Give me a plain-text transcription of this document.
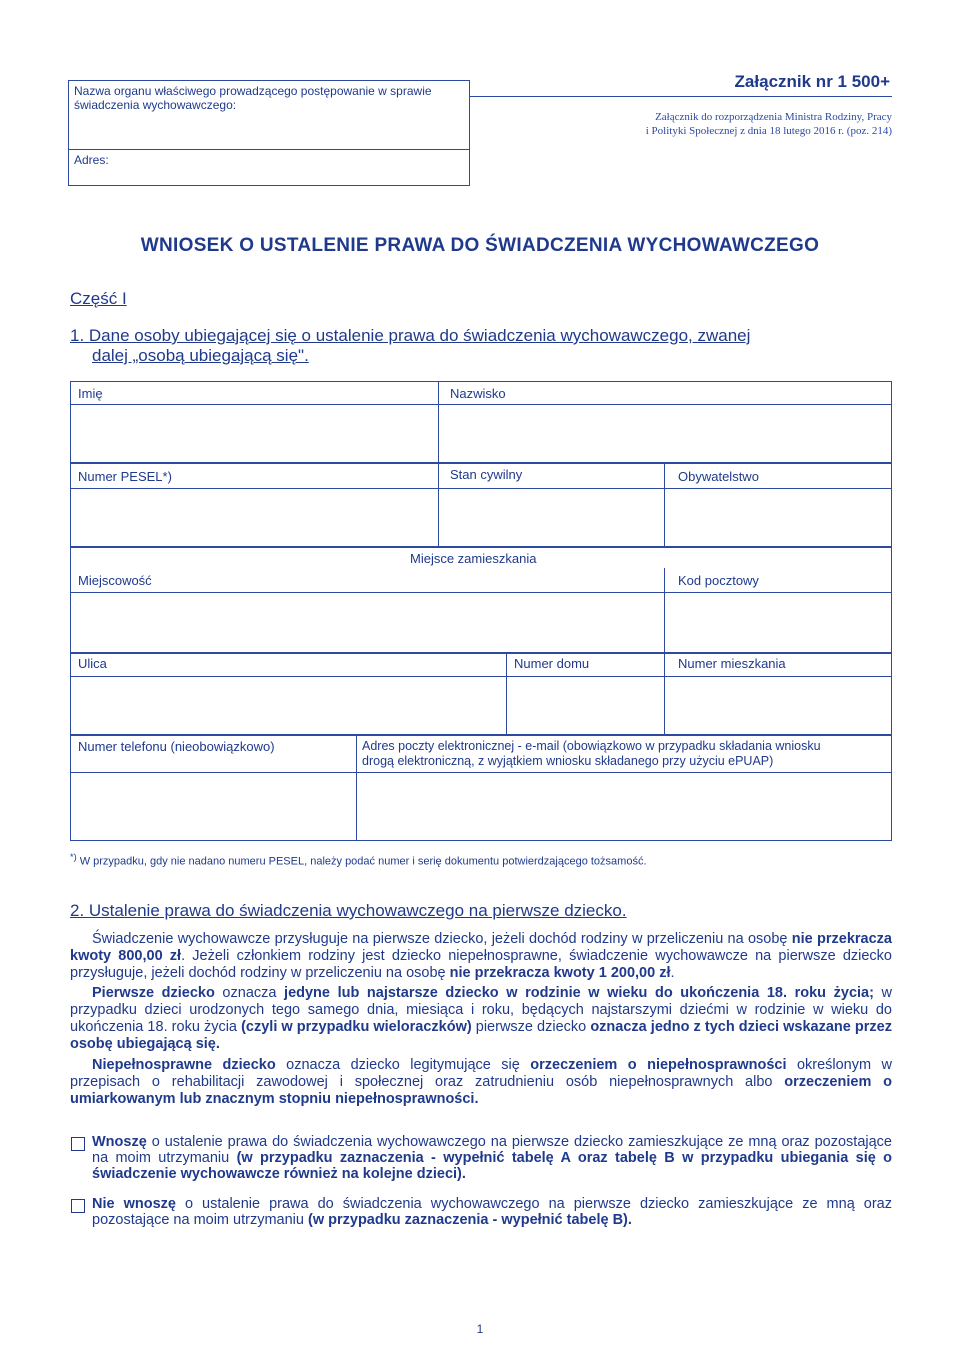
Nazwa organu właściwego prowadzącego postępowanie w sprawie świadczenia wychowawczego:
Adres:
Załącznik nr 1 500+
Załącznik do rozporządzenia Ministra Rodziny, Pracy
i Polityki Społecznej z dnia 18 lutego 2016 r. (poz. 214)
WNIOSEK O USTALENIE PRAWA DO ŚWIADCZENIA WYCHOWAWCZEGO
Część I
1. Dane osoby ubiegającej się o ustalenie prawa do świadczenia wychowawczego, zwanej
dalej „osobą ubiegającą się".
Imię	Nazwisko
Numer PESEL*)	Stan cywilny	Obywatelstwo
Miejsce zamieszkania
Miejscowość	Kod pocztowy
Ulica	Numer domu	Numer mieszkania
Numer telefonu (nieobowiązkowo)	Adres poczty elektronicznej - e-mail (obowiązkowo w przypadku składania wniosku
drogą elektroniczną, z wyjątkiem wniosku składanego przy użyciu ePUAP)
*) W przypadku, gdy nie nadano numeru PESEL, należy podać numer i serię dokumentu potwierdzającego tożsamość.
2. Ustalenie prawa do świadczenia wychowawczego na pierwsze dziecko.
Świadczenie wychowawcze przysługuje na pierwsze dziecko, jeżeli dochód rodziny w przeliczeniu na osobę nie przekracza kwoty 800,00 zł. Jeżeli członkiem rodziny jest dziecko niepełnosprawne, świadczenie wychowawcze na pierwsze dziecko przysługuje, jeżeli dochód rodziny w przeliczeniu na osobę nie przekracza kwoty 1 200,00 zł.
Pierwsze dziecko oznacza jedyne lub najstarsze dziecko w rodzinie w wieku do ukończenia 18. roku życia; w przypadku dzieci urodzonych tego samego dnia, miesiąca i roku, będących najstarszymi dziećmi w rodzinie w wieku do ukończenia 18. roku życia (czyli w przypadku wieloraczków) pierwsze dziecko oznacza jedno z tych dzieci wskazane przez osobę ubiegającą się.
Niepełnosprawne dziecko oznacza dziecko legitymujące się orzeczeniem o niepełnosprawności określonym w przepisach o rehabilitacji zawodowej i społecznej oraz zatrudnieniu osób niepełnosprawnych albo orzeczeniem o umiarkowanym lub znacznym stopniu niepełnosprawności.
Wnoszę o ustalenie prawa do świadczenia wychowawczego na pierwsze dziecko zamieszkujące ze mną oraz pozostające na moim utrzymaniu (w przypadku zaznaczenia - wypełnić tabelę A oraz tabelę B w przypadku ubiegania się o świadczenie wychowawcze również na kolejne dzieci).
Nie wnoszę o ustalenie prawa do świadczenia wychowawczego na pierwsze dziecko zamieszkujące ze mną oraz pozostające na moim utrzymaniu (w przypadku zaznaczenia - wypełnić tabelę B).
1
